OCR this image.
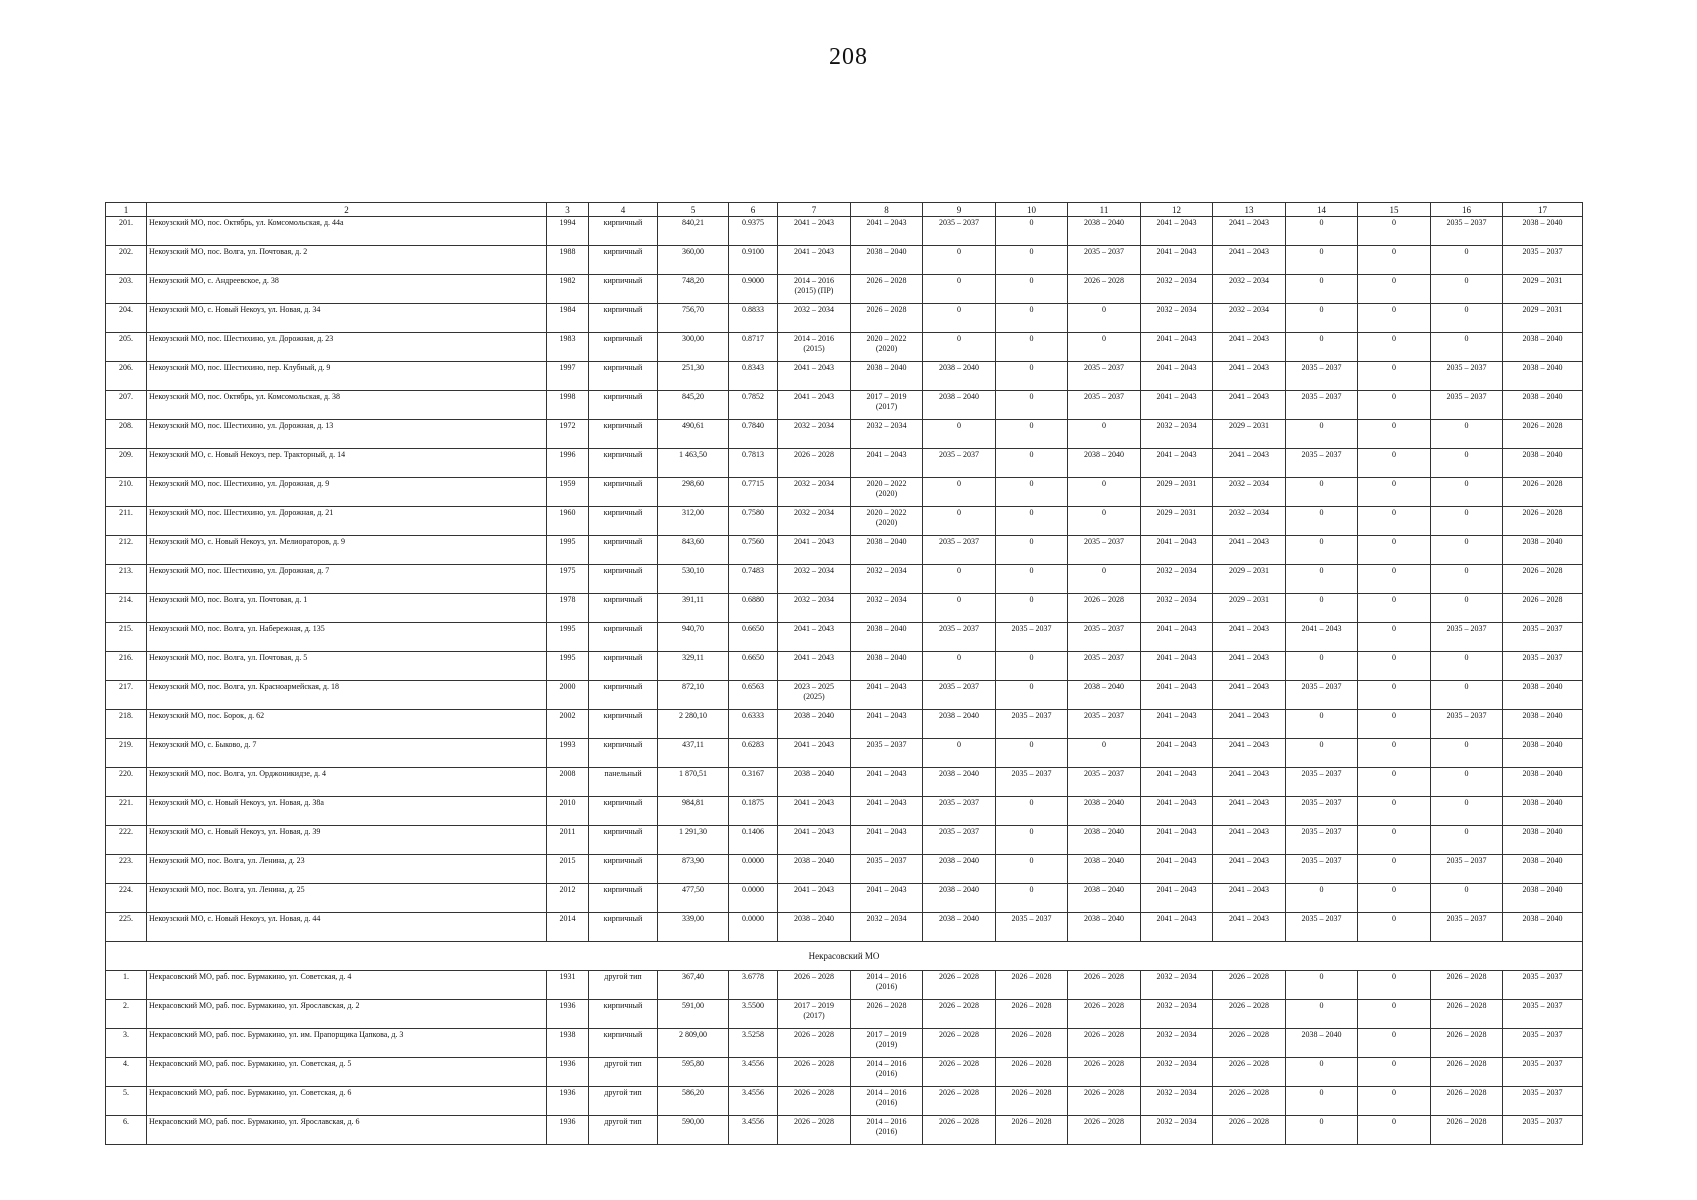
208
1	2	3	4	5	6	7	8	9	10	11	12	13	14	15	16	17
201.	Некоузский МО, пос. Октябрь, ул. Комсомольская, д. 44а	1994	кирпичный	840,21	0.9375	2041 – 2043	2041 – 2043	2035 – 2037	0	2038 – 2040	2041 – 2043	2041 – 2043	0	0	2035 – 2037	2038 – 2040
202.	Некоузский МО, пос. Волга, ул. Почтовая, д. 2	1988	кирпичный	360,00	0.9100	2041 – 2043	2038 – 2040	0	0	2035 – 2037	2041 – 2043	2041 – 2043	0	0	0	2035 – 2037
203.	Некоузский МО, с. Андреевское, д. 38	1982	кирпичный	748,20	0.9000	2014 – 2016
(2015) (ПР)	2026 – 2028	0	0	2026 – 2028	2032 – 2034	2032 – 2034	0	0	0	2029 – 2031
204.	Некоузский МО, с. Новый Некоуз, ул. Новая, д. 34	1984	кирпичный	756,70	0.8833	2032 – 2034	2026 – 2028	0	0	0	2032 – 2034	2032 – 2034	0	0	0	2029 – 2031
205.	Некоузский МО, пос. Шестихино, ул. Дорожная, д. 23	1983	кирпичный	300,00	0.8717	2014 – 2016
(2015)	2020 – 2022
(2020)	0	0	0	2041 – 2043	2041 – 2043	0	0	0	2038 – 2040
206.	Некоузский МО, пос. Шестихино, пер. Клубный, д. 9	1997	кирпичный	251,30	0.8343	2041 – 2043	2038 – 2040	2038 – 2040	0	2035 – 2037	2041 – 2043	2041 – 2043	2035 – 2037	0	2035 – 2037	2038 – 2040
207.	Некоузский МО, пос. Октябрь, ул. Комсомольская, д. 38	1998	кирпичный	845,20	0.7852	2041 – 2043	2017 – 2019
(2017)	2038 – 2040	0	2035 – 2037	2041 – 2043	2041 – 2043	2035 – 2037	0	2035 – 2037	2038 – 2040
208.	Некоузский МО, пос. Шестихино, ул. Дорожная, д. 13	1972	кирпичный	490,61	0.7840	2032 – 2034	2032 – 2034	0	0	0	2032 – 2034	2029 – 2031	0	0	0	2026 – 2028
209.	Некоузский МО, с. Новый Некоуз, пер. Тракторный, д. 14	1996	кирпичный	1 463,50	0.7813	2026 – 2028	2041 – 2043	2035 – 2037	0	2038 – 2040	2041 – 2043	2041 – 2043	2035 – 2037	0	0	2038 – 2040
210.	Некоузский МО, пос. Шестихино, ул. Дорожная, д. 9	1959	кирпичный	298,60	0.7715	2032 – 2034	2020 – 2022
(2020)	0	0	0	2029 – 2031	2032 – 2034	0	0	0	2026 – 2028
211.	Некоузский МО, пос. Шестихино, ул. Дорожная, д. 21	1960	кирпичный	312,00	0.7580	2032 – 2034	2020 – 2022
(2020)	0	0	0	2029 – 2031	2032 – 2034	0	0	0	2026 – 2028
212.	Некоузский МО, с. Новый Некоуз, ул. Мелиораторов, д. 9	1995	кирпичный	843,60	0.7560	2041 – 2043	2038 – 2040	2035 – 2037	0	2035 – 2037	2041 – 2043	2041 – 2043	0	0	0	2038 – 2040
213.	Некоузский МО, пос. Шестихино, ул. Дорожная, д. 7	1975	кирпичный	530,10	0.7483	2032 – 2034	2032 – 2034	0	0	0	2032 – 2034	2029 – 2031	0	0	0	2026 – 2028
214.	Некоузский МО, пос. Волга, ул. Почтовая, д. 1	1978	кирпичный	391,11	0.6880	2032 – 2034	2032 – 2034	0	0	2026 – 2028	2032 – 2034	2029 – 2031	0	0	0	2026 – 2028
215.	Некоузский МО, пос. Волга, ул. Набережная, д. 135	1995	кирпичный	940,70	0.6650	2041 – 2043	2038 – 2040	2035 – 2037	2035 – 2037	2035 – 2037	2041 – 2043	2041 – 2043	2041 – 2043	0	2035 – 2037	2035 – 2037
216.	Некоузский МО, пос. Волга, ул. Почтовая, д. 5	1995	кирпичный	329,11	0.6650	2041 – 2043	2038 – 2040	0	0	2035 – 2037	2041 – 2043	2041 – 2043	0	0	0	2035 – 2037
217.	Некоузский МО, пос. Волга, ул. Красноармейская, д. 18	2000	кирпичный	872,10	0.6563	2023 – 2025
(2025)	2041 – 2043	2035 – 2037	0	2038 – 2040	2041 – 2043	2041 – 2043	2035 – 2037	0	0	2038 – 2040
218.	Некоузский МО, пос. Борок, д. 62	2002	кирпичный	2 280,10	0.6333	2038 – 2040	2041 – 2043	2038 – 2040	2035 – 2037	2035 – 2037	2041 – 2043	2041 – 2043	0	0	2035 – 2037	2038 – 2040
219.	Некоузский МО, с. Быково, д. 7	1993	кирпичный	437,11	0.6283	2041 – 2043	2035 – 2037	0	0	0	2041 – 2043	2041 – 2043	0	0	0	2038 – 2040
220.	Некоузский МО, пос. Волга, ул. Орджоникидзе, д. 4	2008	панельный	1 870,51	0.3167	2038 – 2040	2041 – 2043	2038 – 2040	2035 – 2037	2035 – 2037	2041 – 2043	2041 – 2043	2035 – 2037	0	0	2038 – 2040
221.	Некоузский МО, с. Новый Некоуз, ул. Новая, д. 38а	2010	кирпичный	984,81	0.1875	2041 – 2043	2041 – 2043	2035 – 2037	0	2038 – 2040	2041 – 2043	2041 – 2043	2035 – 2037	0	0	2038 – 2040
222.	Некоузский МО, с. Новый Некоуз, ул. Новая, д. 39	2011	кирпичный	1 291,30	0.1406	2041 – 2043	2041 – 2043	2035 – 2037	0	2038 – 2040	2041 – 2043	2041 – 2043	2035 – 2037	0	0	2038 – 2040
223.	Некоузский МО, пос. Волга, ул. Ленина, д. 23	2015	кирпичный	873,90	0.0000	2038 – 2040	2035 – 2037	2038 – 2040	0	2038 – 2040	2041 – 2043	2041 – 2043	2035 – 2037	0	2035 – 2037	2038 – 2040
224.	Некоузский МО, пос. Волга, ул. Ленина, д. 25	2012	кирпичный	477,50	0.0000	2041 – 2043	2041 – 2043	2038 – 2040	0	2038 – 2040	2041 – 2043	2041 – 2043	0	0	0	2038 – 2040
225.	Некоузский МО, с. Новый Некоуз, ул. Новая, д. 44	2014	кирпичный	339,00	0.0000	2038 – 2040	2032 – 2034	2038 – 2040	2035 – 2037	2038 – 2040	2041 – 2043	2041 – 2043	2035 – 2037	0	2035 – 2037	2038 – 2040
Некрасовский МО																
1.	Некрасовский МО, раб. пос. Бурмакино, ул. Советская, д. 4	1931	другой тип	367,40	3.6778	2026 – 2028	2014 – 2016
(2016)	2026 – 2028	2026 – 2028	2026 – 2028	2032 – 2034	2026 – 2028	0	0	2026 – 2028	2035 – 2037
2.	Некрасовский МО, раб. пос. Бурмакино, ул. Ярославская, д. 2	1936	кирпичный	591,00	3.5500	2017 – 2019
(2017)	2026 – 2028	2026 – 2028	2026 – 2028	2026 – 2028	2032 – 2034	2026 – 2028	0	0	2026 – 2028	2035 – 2037
3.	Некрасовский МО, раб. пос. Бурмакино, ул. им. Прапорщика Цапкова, д. 3	1938	кирпичный	2 809,00	3.5258	2026 – 2028	2017 – 2019
(2019)	2026 – 2028	2026 – 2028	2026 – 2028	2032 – 2034	2026 – 2028	2038 – 2040	0	2026 – 2028	2035 – 2037
4.	Некрасовский МО, раб. пос. Бурмакино, ул. Советская, д. 5	1936	другой тип	595,80	3.4556	2026 – 2028	2014 – 2016
(2016)	2026 – 2028	2026 – 2028	2026 – 2028	2032 – 2034	2026 – 2028	0	0	2026 – 2028	2035 – 2037
5.	Некрасовский МО, раб. пос. Бурмакино, ул. Советская, д. 6	1936	другой тип	586,20	3.4556	2026 – 2028	2014 – 2016
(2016)	2026 – 2028	2026 – 2028	2026 – 2028	2032 – 2034	2026 – 2028	0	0	2026 – 2028	2035 – 2037
6.	Некрасовский МО, раб. пос. Бурмакино, ул. Ярославская, д. 6	1936	другой тип	590,00	3.4556	2026 – 2028	2014 – 2016
(2016)	2026 – 2028	2026 – 2028	2026 – 2028	2032 – 2034	2026 – 2028	0	0	2026 – 2028	2035 – 2037
